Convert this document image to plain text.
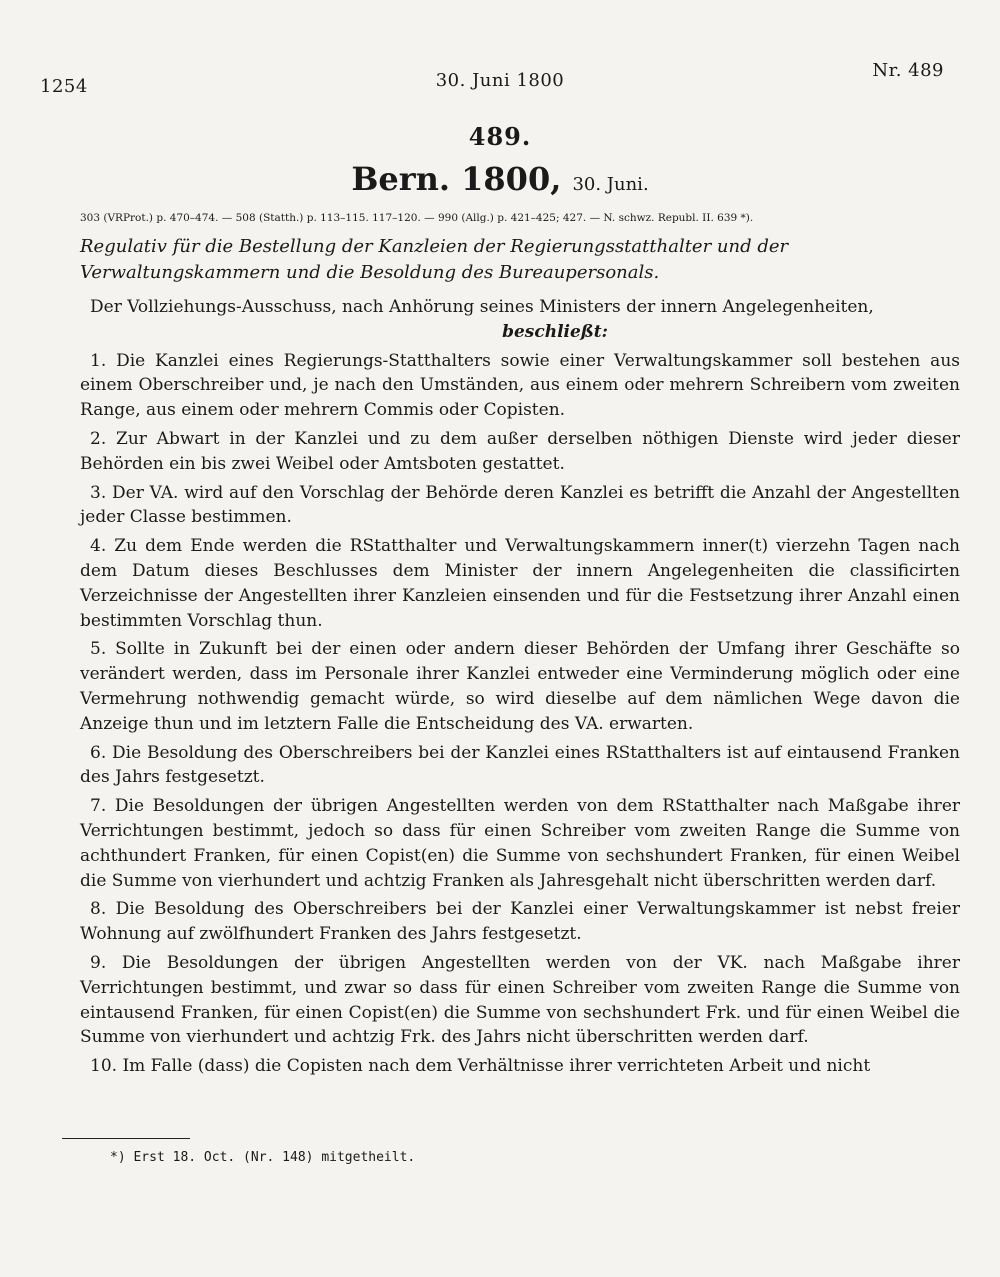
1254	30. Juni 1800	Nr. 489
489.
Bern. 1800, 30. Juni.
303 (VRProt.) p. 470–474. — 508 (Statth.) p. 113–115. 117–120. — 990 (Allg.) p. 421–425; 427. — N. schwz. Republ. II. 639 *).
Regulativ für die Bestellung der Kanzleien der Regierungsstatthalter und der Verwaltungskammern und die Besoldung des Bureaupersonals.

Der Vollziehungs-Ausschuss, nach Anhörung seines Ministers der innern Angelegenheiten,

beschließt:

1. Die Kanzlei eines Regierungs-Statthalters sowie einer Verwaltungskammer soll bestehen aus einem Oberschreiber und, je nach den Umständen, aus einem oder mehrern Schreibern vom zweiten Range, aus einem oder mehrern Commis oder Copisten.

2. Zur Abwart in der Kanzlei und zu dem außer derselben nöthigen Dienste wird jeder dieser Behörden ein bis zwei Weibel oder Amtsboten gestattet.

3. Der VA. wird auf den Vorschlag der Behörde deren Kanzlei es betrifft die Anzahl der Angestellten jeder Classe bestimmen.

4. Zu dem Ende werden die RStatthalter und Verwaltungskammern inner(t) vierzehn Tagen nach dem Datum dieses Beschlusses dem Minister der innern Angelegenheiten die classificirten Verzeichnisse der Angestellten ihrer Kanzleien einsenden und für die Festsetzung ihrer Anzahl einen bestimmten Vorschlag thun.

5. Sollte in Zukunft bei der einen oder andern dieser Behörden der Umfang ihrer Geschäfte so verändert werden, dass im Personale ihrer Kanzlei entweder eine Verminderung möglich oder eine Vermehrung nothwendig gemacht würde, so wird dieselbe auf dem nämlichen Wege davon die Anzeige thun und im letztern Falle die Entscheidung des VA. erwarten.

6. Die Besoldung des Oberschreibers bei der Kanzlei eines RStatthalters ist auf eintausend Franken des Jahrs festgesetzt.

7. Die Besoldungen der übrigen Angestellten werden von dem RStatthalter nach Maßgabe ihrer Verrichtungen bestimmt, jedoch so dass für einen Schreiber vom zweiten Range die Summe von achthundert Franken, für einen Copist(en) die Summe von sechshundert Franken, für einen Weibel die Summe von vierhundert und achtzig Franken als Jahresgehalt nicht überschritten werden darf.

8. Die Besoldung des Oberschreibers bei der Kanzlei einer Verwaltungskammer ist nebst freier Wohnung auf zwölfhundert Franken des Jahrs festgesetzt.

9. Die Besoldungen der übrigen Angestellten werden von der VK. nach Maßgabe ihrer Verrichtungen bestimmt, und zwar so dass für einen Schreiber vom zweiten Range die Summe von eintausend Franken, für einen Copist(en) die Summe von sechshundert Frk. und für einen Weibel die Summe von vierhundert und achtzig Frk. des Jahrs nicht überschritten werden darf.

10. Im Falle (dass) die Copisten nach dem Verhältnisse ihrer verrichteten Arbeit und nicht

*) Erst 18. Oct. (Nr. 148) mitgetheilt.
